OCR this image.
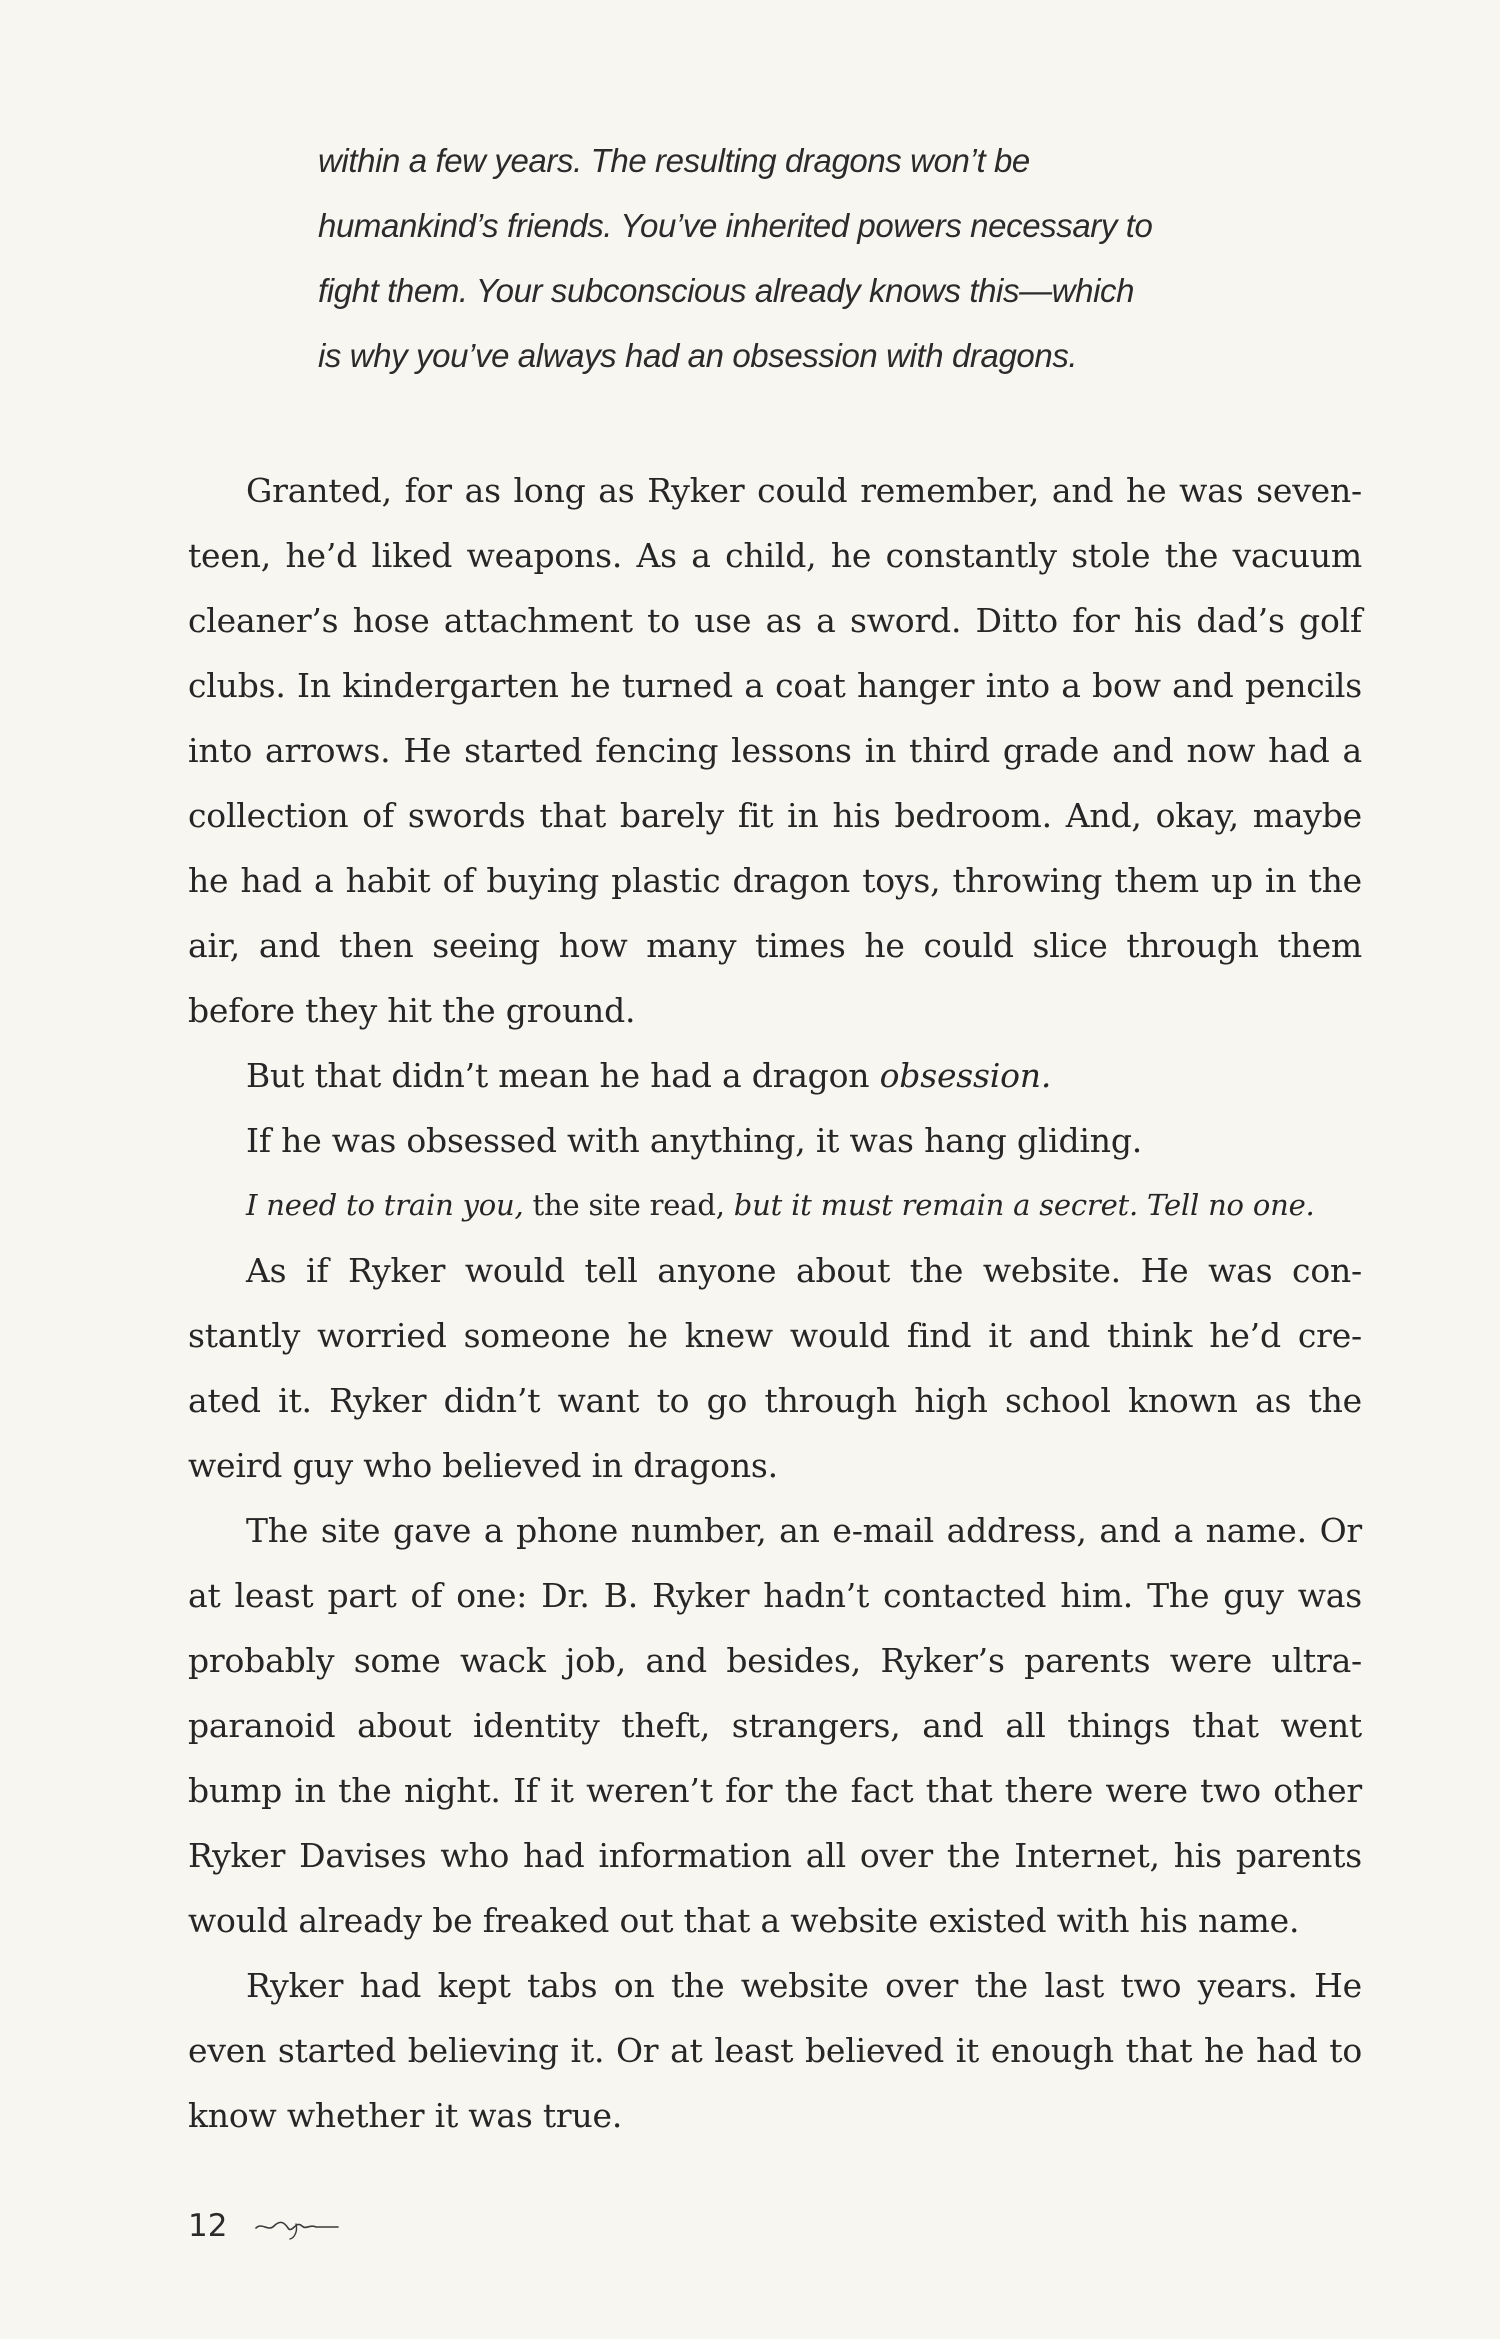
within a few years. The resulting dragons won’t be
humankind’s friends. You’ve inherited powers necessary to
fight them. Your subconscious already knows this—which
is why you’ve always had an obsession with dragons.
Granted, for as long as Ryker could remember, and he was seven-
teen, he’d liked weapons. As a child, he constantly stole the vacuum
cleaner’s hose attachment to use as a sword. Ditto for his dad’s golf
clubs. In kindergarten he turned a coat hanger into a bow and pencils
into arrows. He started fencing lessons in third grade and now had a
collection of swords that barely fit in his bedroom. And, okay, maybe
he had a habit of buying plastic dragon toys, throwing them up in the
air, and then seeing how many times he could slice through them
before they hit the ground.
But that didn’t mean he had a dragon obsession.
If he was obsessed with anything, it was hang gliding.
I need to train you, the site read, but it must remain a secret. Tell no one.
As if Ryker would tell anyone about the website. He was con-
stantly worried someone he knew would find it and think he’d cre-
ated it. Ryker didn’t want to go through high school known as the
weird guy who believed in dragons.
The site gave a phone number, an e-mail address, and a name. Or
at least part of one: Dr. B. Ryker hadn’t contacted him. The guy was
probably some wack job, and besides, Ryker’s parents were ultra-
paranoid about identity theft, strangers, and all things that went
bump in the night. If it weren’t for the fact that there were two other
Ryker Davises who had information all over the Internet, his parents
would already be freaked out that a website existed with his name.
Ryker had kept tabs on the website over the last two years. He
even started believing it. Or at least believed it enough that he had to
know whether it was true.
12
